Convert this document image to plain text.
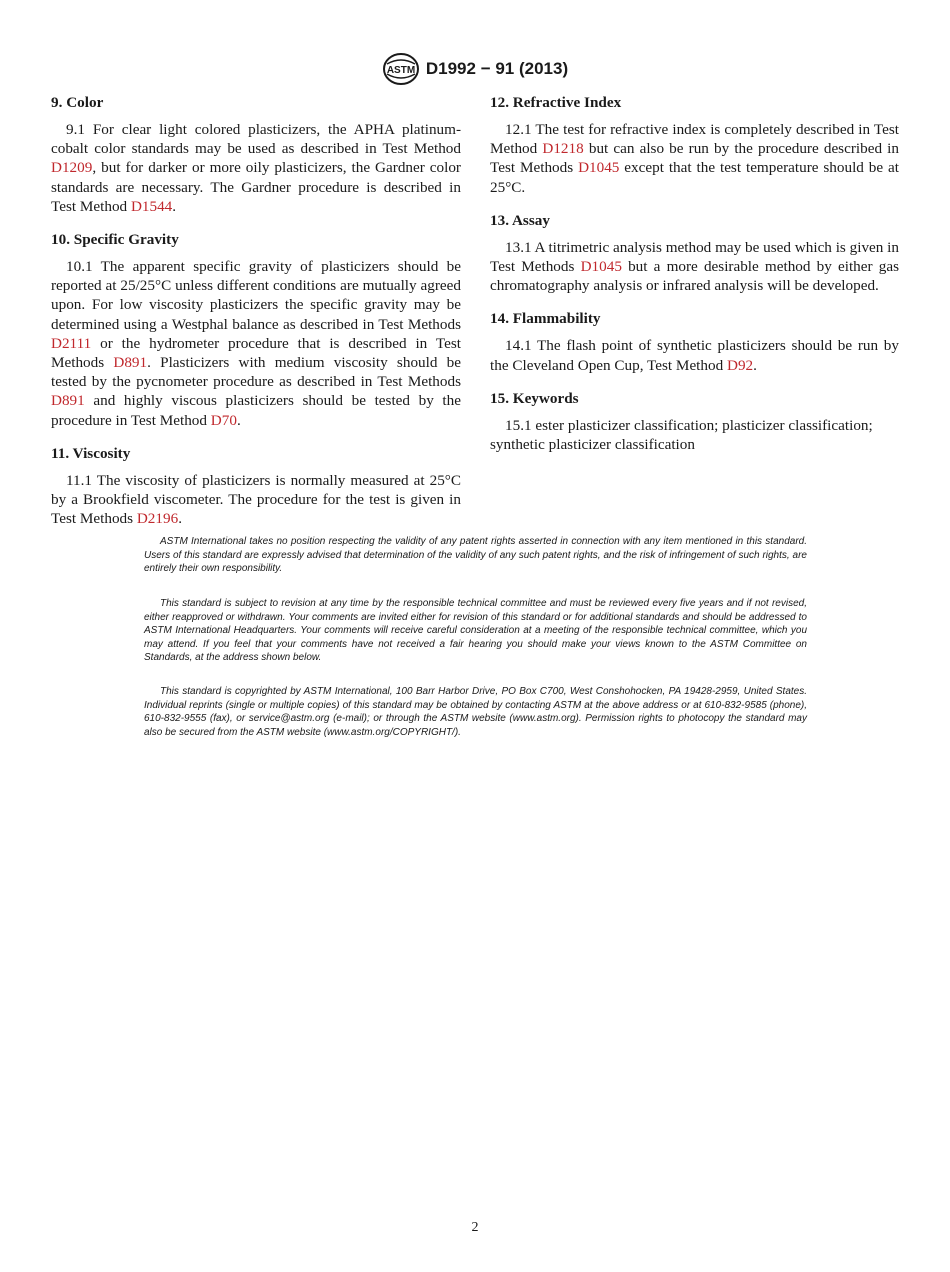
ASTM D1992 − 91 (2013)
9. Color

9.1 For clear light colored plasticizers, the APHA platinum-cobalt color standards may be used as described in Test Method D1209, but for darker or more oily plasticizers, the Gardner color standards are necessary. The Gardner procedure is described in Test Method D1544.

10. Specific Gravity

10.1 The apparent specific gravity of plasticizers should be reported at 25/25°C unless different conditions are mutually agreed upon. For low viscosity plasticizers the specific gravity may be determined using a Westphal balance as described in Test Methods D2111 or the hydrometer procedure that is described in Test Methods D891. Plasticizers with medium viscosity should be tested by the pycnometer procedure as described in Test Methods D891 and highly viscous plasticizers should be tested by the procedure in Test Method D70.

11. Viscosity

11.1 The viscosity of plasticizers is normally measured at 25°C by a Brookfield viscometer. The procedure for the test is given in Test Methods D2196.

12. Refractive Index

12.1 The test for refractive index is completely described in Test Method D1218 but can also be run by the procedure described in Test Methods D1045 except that the test temperature should be at 25°C.

13. Assay

13.1 A titrimetric analysis method may be used which is given in Test Methods D1045 but a more desirable method by either gas chromatography analysis or infrared analysis will be developed.

14. Flammability

14.1 The flash point of synthetic plasticizers should be run by the Cleveland Open Cup, Test Method D92.

15. Keywords

15.1 ester plasticizer classification; plasticizer classification; synthetic plasticizer classification

ASTM International takes no position respecting the validity of any patent rights asserted in connection with any item mentioned in this standard. Users of this standard are expressly advised that determination of the validity of any such patent rights, and the risk of infringement of such rights, are entirely their own responsibility.

This standard is subject to revision at any time by the responsible technical committee and must be reviewed every five years and if not revised, either reapproved or withdrawn. Your comments are invited either for revision of this standard or for additional standards and should be addressed to ASTM International Headquarters. Your comments will receive careful consideration at a meeting of the responsible technical committee, which you may attend. If you feel that your comments have not received a fair hearing you should make your views known to the ASTM Committee on Standards, at the address shown below.

This standard is copyrighted by ASTM International, 100 Barr Harbor Drive, PO Box C700, West Conshohocken, PA 19428-2959, United States. Individual reprints (single or multiple copies) of this standard may be obtained by contacting ASTM at the above address or at 610-832-9585 (phone), 610-832-9555 (fax), or service@astm.org (e-mail); or through the ASTM website (www.astm.org). Permission rights to photocopy the standard may also be secured from the ASTM website (www.astm.org/COPYRIGHT/).

2
